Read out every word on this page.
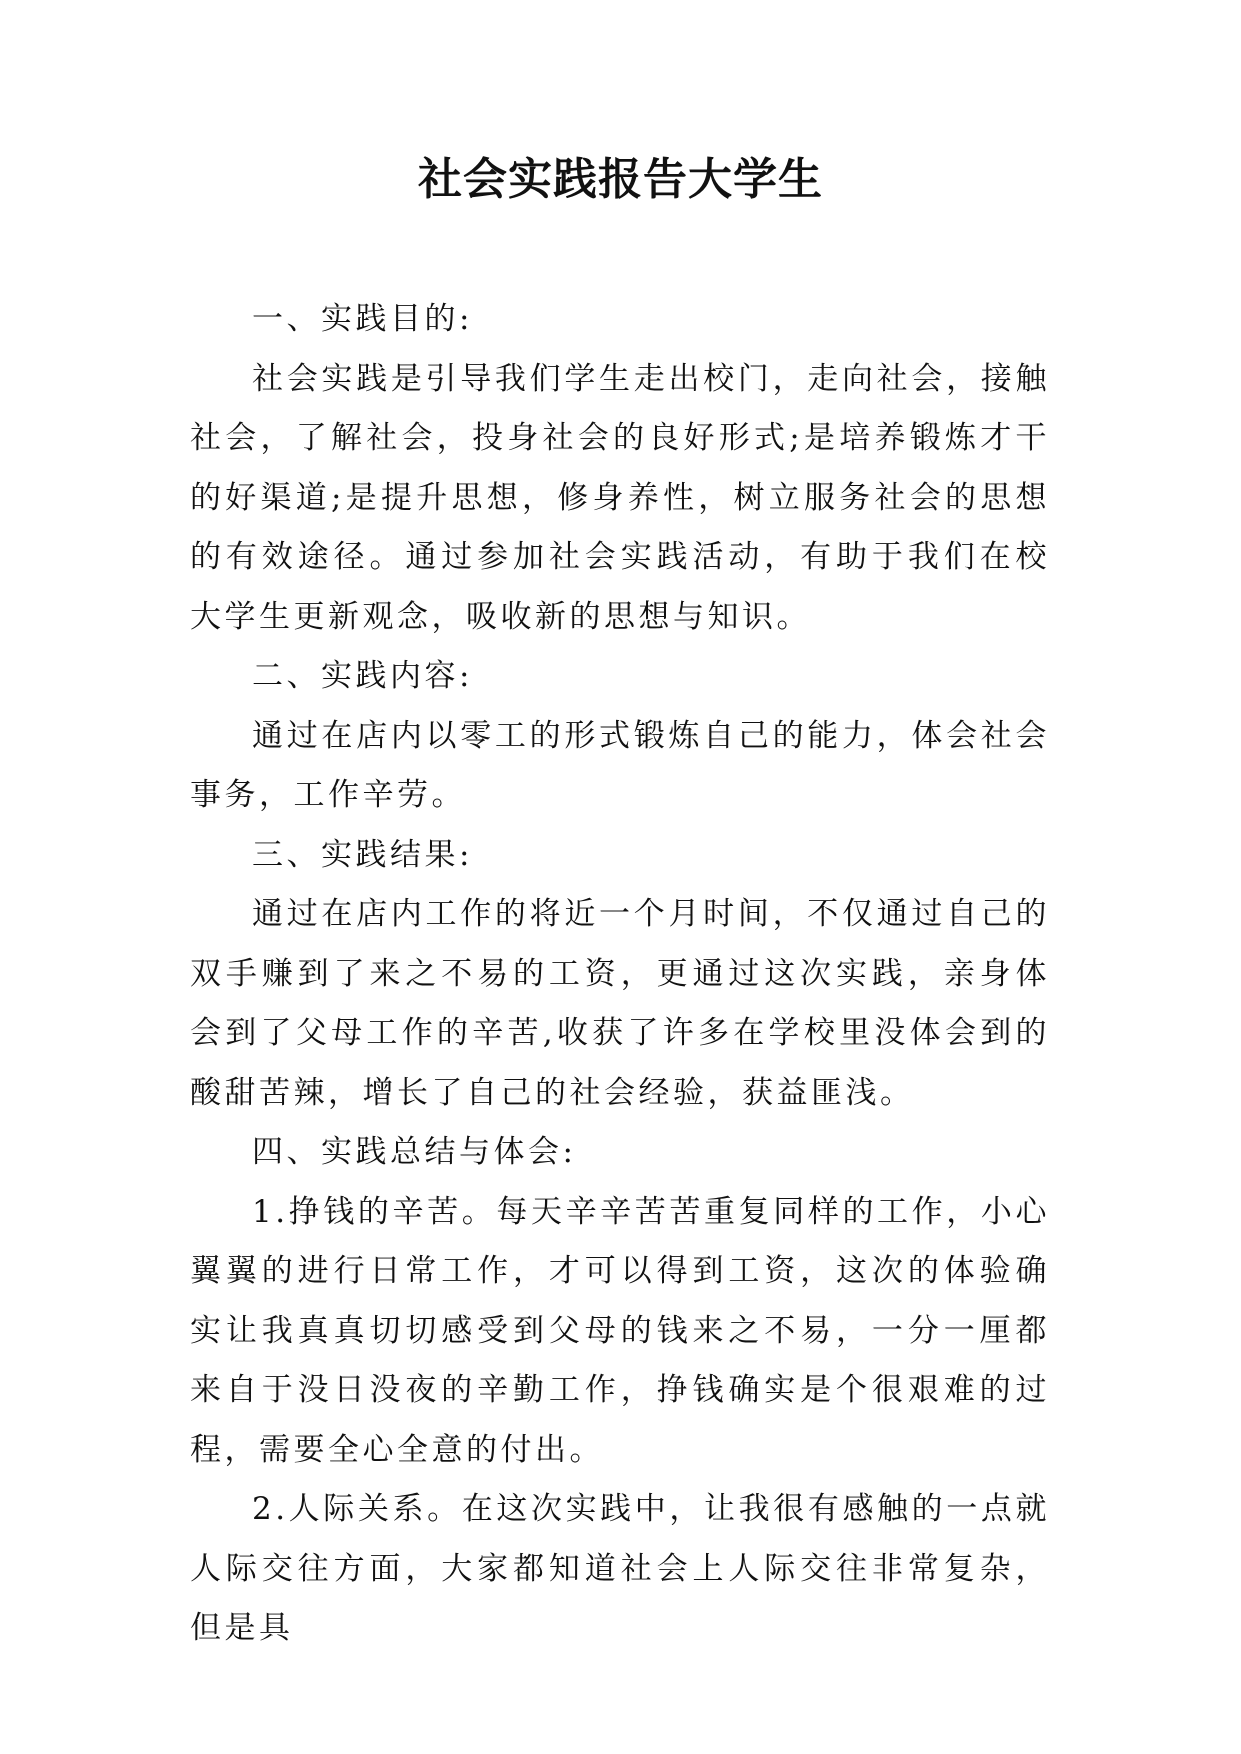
社会实践报告大学生

一、实践目的:

社会实践是引导我们学生走出校门，走向社会，接触社会，了解社会，投身社会的良好形式;是培养锻炼才干的好渠道;是提升思想，修身养性，树立服务社会的思想的有效途径。通过参加社会实践活动，有助于我们在校大学生更新观念，吸收新的思想与知识。

二、实践内容:

通过在店内以零工的形式锻炼自己的能力，体会社会事务，工作辛劳。

三、实践结果:

通过在店内工作的将近一个月时间，不仅通过自己的双手赚到了来之不易的工资，更通过这次实践，亲身体会到了父母工作的辛苦,收获了许多在学校里没体会到的酸甜苦辣，增长了自己的社会经验，获益匪浅。

四、实践总结与体会:

1.挣钱的辛苦。每天辛辛苦苦重复同样的工作，小心翼翼的进行日常工作，才可以得到工资，这次的体验确实让我真真切切感受到父母的钱来之不易，一分一厘都来自于没日没夜的辛勤工作，挣钱确实是个很艰难的过程，需要全心全意的付出。

2.人际关系。在这次实践中，让我很有感触的一点就人际交往方面，大家都知道社会上人际交往非常复杂，但是具
